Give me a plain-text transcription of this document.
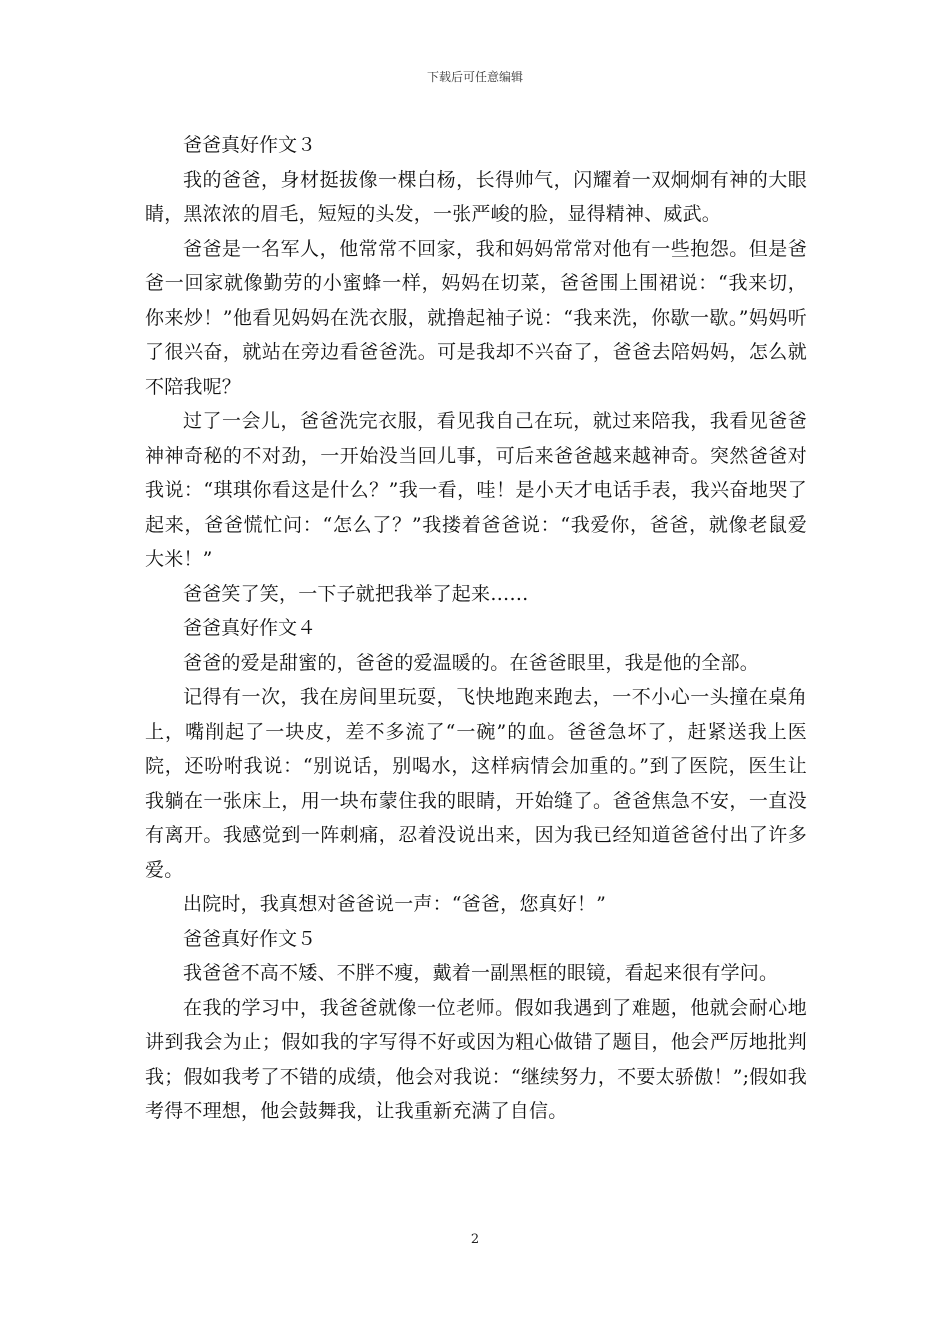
下载后可任意编辑

爸爸真好作文３

我的爸爸，身材挺拔像一棵白杨，长得帅气，闪耀着一双炯炯有神的大眼睛，黑浓浓的眉毛，短短的头发，一张严峻的脸，显得精神、威武。

爸爸是一名军人，他常常不回家，我和妈妈常常对他有一些抱怨。但是爸爸一回家就像勤劳的小蜜蜂一样，妈妈在切菜，爸爸围上围裙说：“我来切，你来炒！”他看见妈妈在洗衣服，就撸起袖子说：“我来洗，你歇一歇。”妈妈听了很兴奋，就站在旁边看爸爸洗。可是我却不兴奋了，爸爸去陪妈妈，怎么就不陪我呢？

过了一会儿，爸爸洗完衣服，看见我自己在玩，就过来陪我，我看见爸爸神神奇秘的不对劲，一开始没当回儿事，可后来爸爸越来越神奇。突然爸爸对我说：“琪琪你看这是什么？”我一看，哇！是小天才电话手表，我兴奋地哭了起来，爸爸慌忙问：“怎么了？”我搂着爸爸说：“我爱你，爸爸，就像老鼠爱大米！”

爸爸笑了笑，一下子就把我举了起来……

爸爸真好作文４

爸爸的爱是甜蜜的，爸爸的爱温暖的。在爸爸眼里，我是他的全部。

记得有一次，我在房间里玩耍，飞快地跑来跑去，一不小心一头撞在桌角上，嘴削起了一块皮，差不多流了“一碗”的血。爸爸急坏了，赶紧送我上医院，还吩咐我说：“别说话，别喝水，这样病情会加重的。”到了医院，医生让我躺在一张床上，用一块布蒙住我的眼睛，开始缝了。爸爸焦急不安，一直没有离开。我感觉到一阵刺痛，忍着没说出来，因为我已经知道爸爸付出了许多爱。

出院时，我真想对爸爸说一声：“爸爸，您真好！”

爸爸真好作文５

我爸爸不高不矮、不胖不瘦，戴着一副黑框的眼镜，看起来很有学问。

在我的学习中，我爸爸就像一位老师。假如我遇到了难题，他就会耐心地讲到我会为止；假如我的字写得不好或因为粗心做错了题目，他会严厉地批判我；假如我考了不错的成绩，他会对我说：“继续努力，不要太骄傲！”;假如我考得不理想，他会鼓舞我，让我重新充满了自信。

2
